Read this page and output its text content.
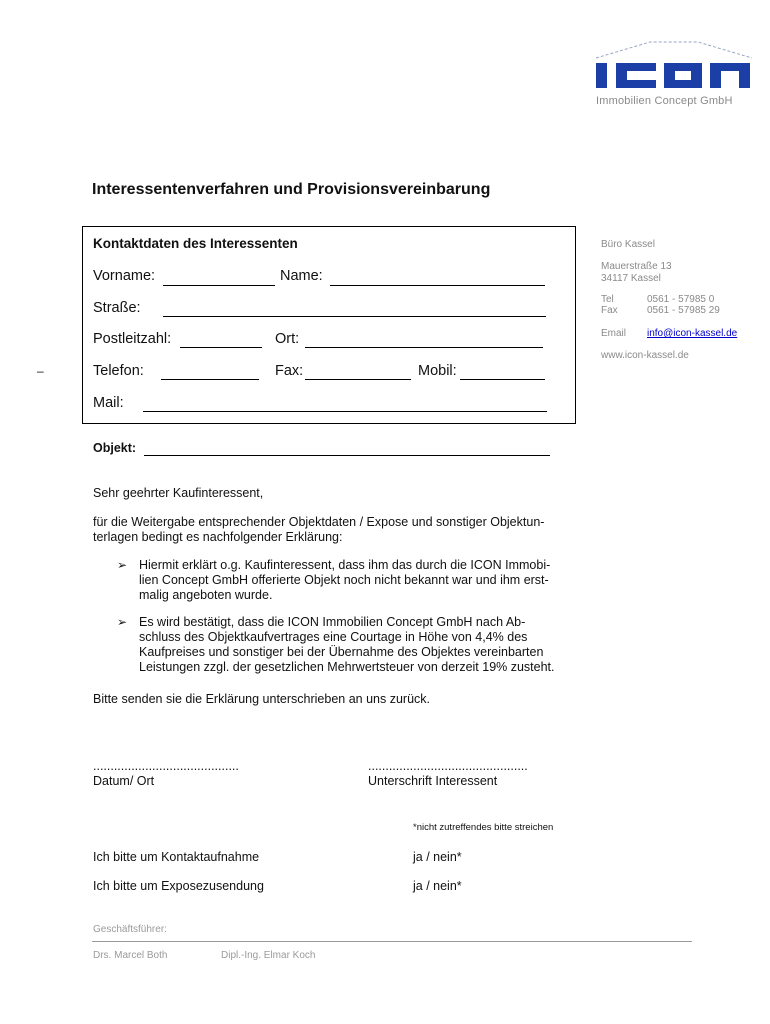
ICON
Immobilien Concept GmbH
Interessentenverfahren und Provisionsvereinbarung
Kontaktdaten des Interessenten
Vorname:	Name:
Straße:
Postleitzahl:	Ort:
Telefon:	Fax:	Mobil:
Mail:
–
Objekt:
Büro Kassel
Mauerstraße 13
34117 Kassel
Tel	0561 - 57985 0
Fax	0561 - 57985 29
Email info@icon-kassel.de
www.icon-kassel.de
Sehr geehrter Kaufinteressent,
für die Weitergabe entsprechender Objektdaten / Expose und sonstiger Objektun-
terlagen bedingt es nachfolgender Erklärung:
➢ Hiermit erklärt o.g. Kaufinteressent, dass ihm das durch die ICON Immobi-
lien Concept GmbH offerierte Objekt noch nicht bekannt war und ihm erst-
malig angeboten wurde.
➢ Es wird bestätigt, dass die ICON Immobilien Concept GmbH nach Ab-
schluss des Objektkaufvertrages eine Courtage in Höhe von 4,4% des
Kaufpreises und sonstiger bei der Übernahme des Objektes vereinbarten
Leistungen zzgl. der gesetzlichen Mehrwertsteuer von derzeit 19% zusteht.
Bitte senden sie die Erklärung unterschrieben an uns zurück.
..........................................
Datum/ Ort
..............................................
Unterschrift Interessent
*nicht zutreffendes bitte streichen
Ich bitte um Kontaktaufnahme	ja / nein*
Ich bitte um Exposezusendung	ja / nein*
Geschäftsführer:
Drs. Marcel Both	Dipl.-Ing. Elmar Koch
